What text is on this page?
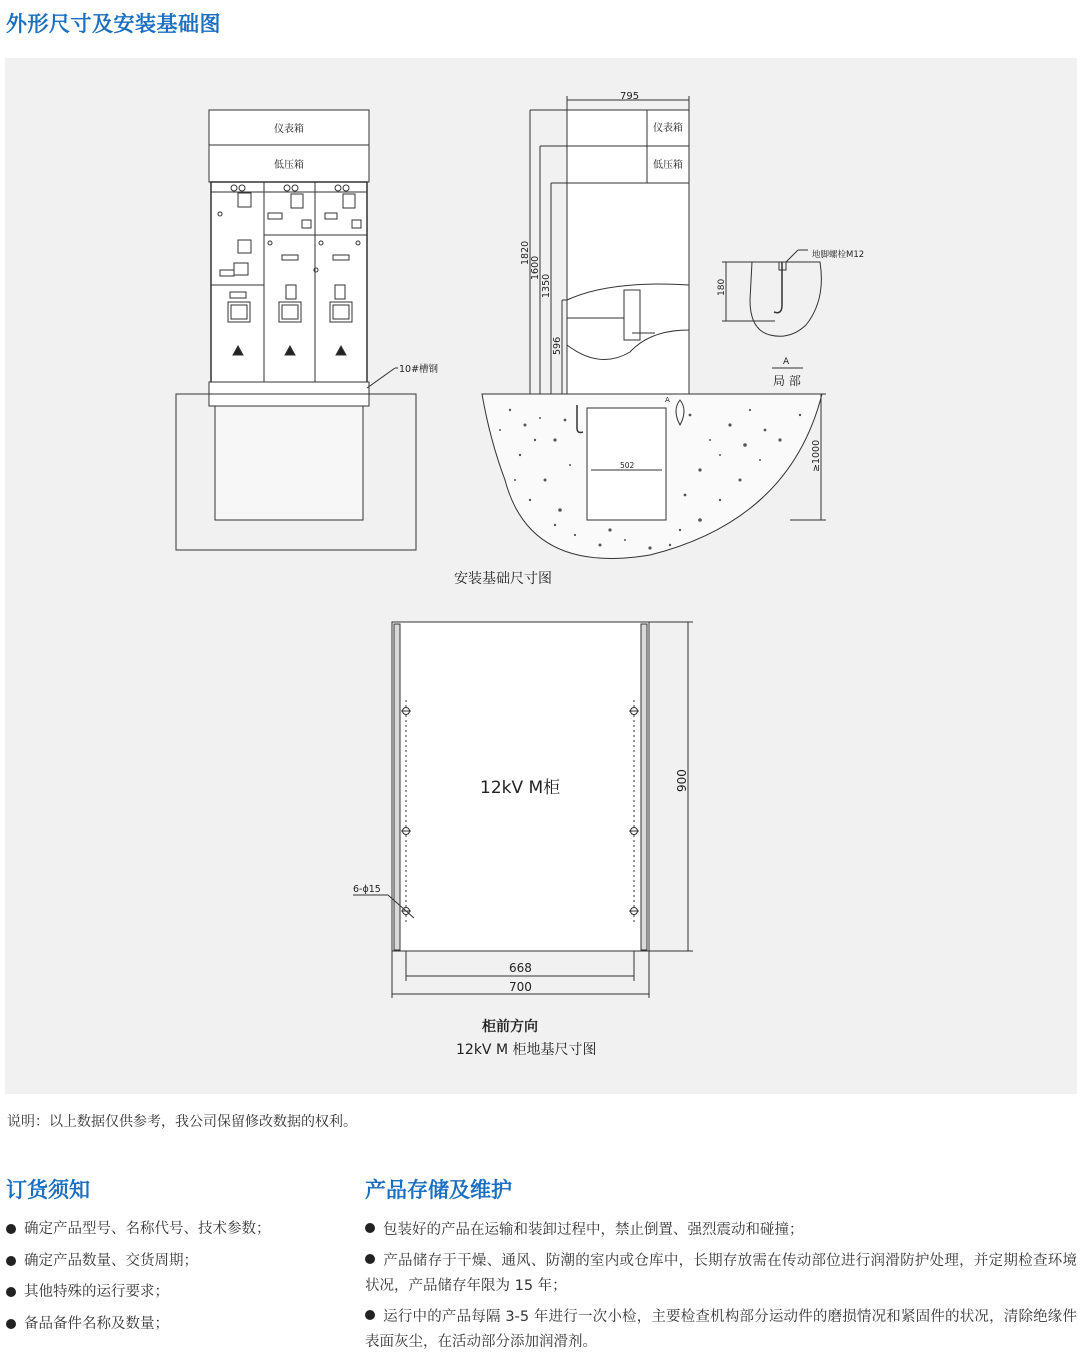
外形尺寸及安装基础图
仪表箱
低压箱
10#槽钢
795
仪表箱
低压箱
1820
1600
1350
596
502	≥1000
A
地脚螺栓M12
180
A
局 部
安装基础尺寸图
12kV M柜	900
6-ϕ15
668
700
柜前方向
12kV M 柜地基尺寸图
说明：以上数据仅供参考，我公司保留修改数据的权利。
订货须知	产品存储及维护
确定产品型号、名称代号、技术参数；
确定产品数量、交货周期；
其他特殊的运行要求；
备品备件名称及数量；
包装好的产品在运输和装卸过程中，禁止倒置、强烈震动和碰撞；
产品储存于干燥、通风、防潮的室内或仓库中，长期存放需在传动部位进行润滑防护处理，并定期检查环境状况，产品储存年限为 15 年；
运行中的产品每隔 3-5 年进行一次小检，主要检查机构部分运动件的磨损情况和紧固件的状况，清除绝缘件表面灰尘，在活动部分添加润滑剂。
